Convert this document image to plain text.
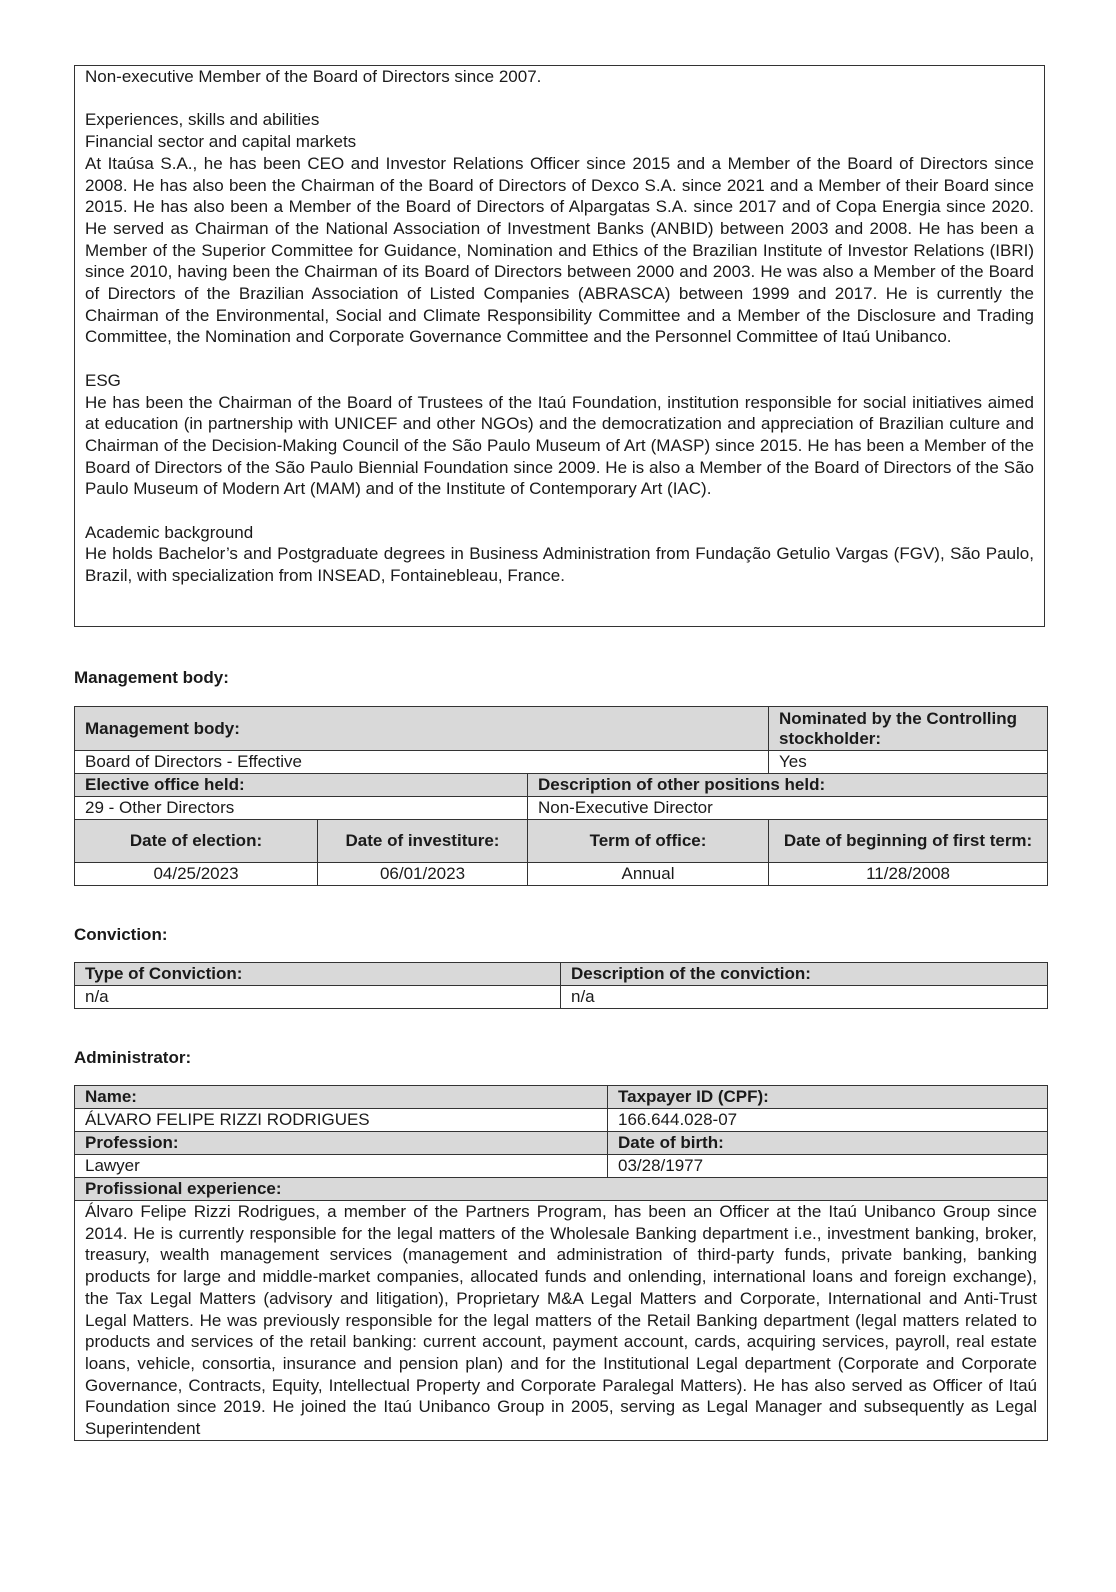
Non-executive Member of the Board of Directors since 2007.

Experiences, skills and abilities

Financial sector and capital markets

At Itaúsa S.A., he has been CEO and Investor Relations Officer since 2015 and a Member of the Board of Directors since 2008. He has also been the Chairman of the Board of Directors of Dexco S.A. since 2021 and a Member of their Board since 2015. He has also been a Member of the Board of Directors of Alpargatas S.A. since 2017 and of Copa Energia since 2020. He served as Chairman of the National Association of Investment Banks (ANBID) between 2003 and 2008. He has been a Member of the Superior Committee for Guidance, Nomination and Ethics of the Brazilian Institute of Investor Relations (IBRI) since 2010, having been the Chairman of its Board of Directors between 2000 and 2003. He was also a Member of the Board of Directors of the Brazilian Association of Listed Companies (ABRASCA) between 1999 and 2017. He is currently the Chairman of the Environmental, Social and Climate Responsibility Committee and a Member of the Disclosure and Trading Committee, the Nomination and Corporate Governance Committee and the Personnel Committee of Itaú Unibanco.

ESG

He has been the Chairman of the Board of Trustees of the Itaú Foundation, institution responsible for social initiatives aimed at education (in partnership with UNICEF and other NGOs) and the democratization and appreciation of Brazilian culture and Chairman of the Decision-Making Council of the São Paulo Museum of Art (MASP) since 2015. He has been a Member of the Board of Directors of the São Paulo Biennial Foundation since 2009. He is also a Member of the Board of Directors of the São Paulo Museum of Modern Art (MAM) and of the Institute of Contemporary Art (IAC).

Academic background

He holds Bachelor’s and Postgraduate degrees in Business Administration from Fundação Getulio Vargas (FGV), São Paulo, Brazil, with specialization from INSEAD, Fontainebleau, France.

Management body:
Management body:			Nominated by the Controlling stockholder:
Board of Directors - Effective			Yes
Elective office held:		Description of other positions held:	
29 - Other Directors		Non-Executive Director	
Date of election:	Date of investiture:	Term of office:	Date of beginning of first term:
04/25/2023	06/01/2023	Annual	11/28/2008
Conviction:
Type of Conviction:	Description of the conviction:
n/a	n/a
Administrator:
Name:	Taxpayer ID (CPF):
ÁLVARO FELIPE RIZZI RODRIGUES	166.644.028-07
Profession:	Date of birth:
Lawyer	03/28/1977
Profissional experience:	
Álvaro Felipe Rizzi Rodrigues, a member of the Partners Program, has been an Officer at the Itaú Unibanco Group since 2014. He is currently responsible for the legal matters of the Wholesale Banking department i.e., investment banking, broker, treasury, wealth management services (management and administration of third-party funds, private banking, banking products for large and middle-market companies, allocated funds and onlending, international loans and foreign exchange), the Tax Legal Matters (advisory and litigation), Proprietary M&A Legal Matters and Corporate, International and Anti-Trust Legal Matters. He was previously responsible for the legal matters of the Retail Banking department (legal matters related to products and services of the retail banking: current account, payment account, cards, acquiring services, payroll, real estate loans, vehicle, consortia, insurance and pension plan) and for the Institutional Legal department (Corporate and Corporate Governance, Contracts, Equity, Intellectual Property and Corporate Paralegal Matters). He has also served as Officer of Itaú Foundation since 2019. He joined the Itaú Unibanco Group in 2005, serving as Legal Manager and subsequently as Legal Superintendent	
